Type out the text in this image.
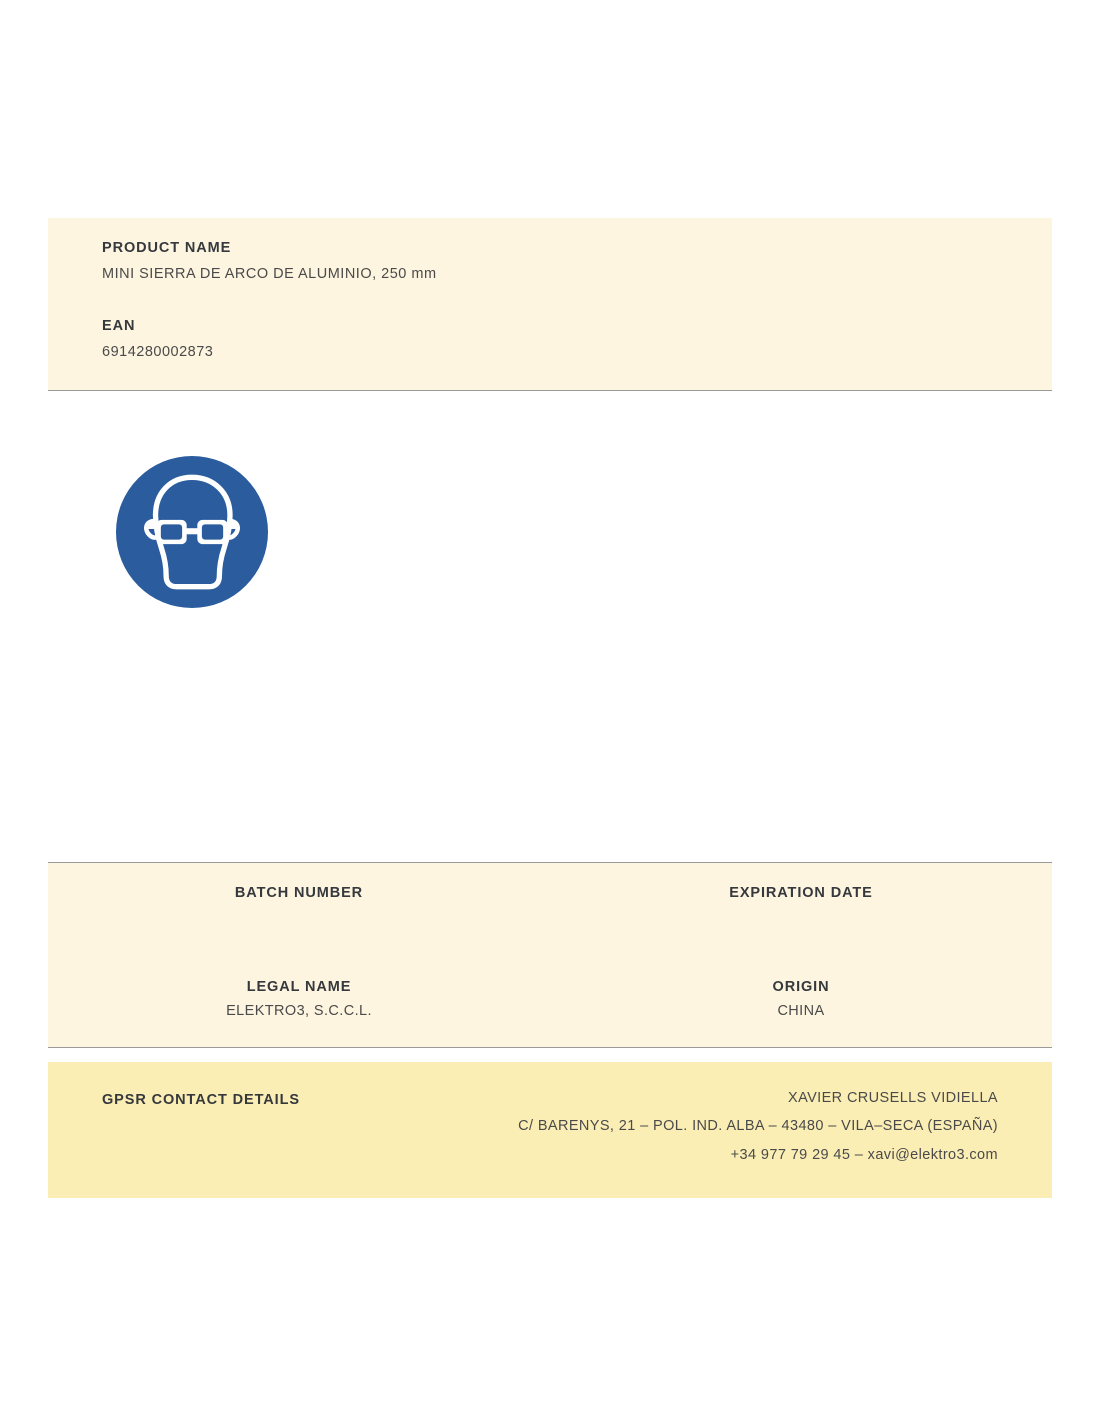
PRODUCT NAME

MINI SIERRA DE ARCO DE ALUMINIO, 250 mm

EAN

6914280002873

BATCH NUMBER	EXPIRATION DATE

LEGAL NAME

ELEKTRO3, S.C.C.L.

ORIGIN

CHINA

GPSR CONTACT DETAILS	XAVIER CRUSELLS VIDIELLA

C/ BARENYS, 21 – POL. IND. ALBA – 43480 – VILA–SECA (ESPAÑA)

+34 977 79 29 45 – xavi@elektro3.com
